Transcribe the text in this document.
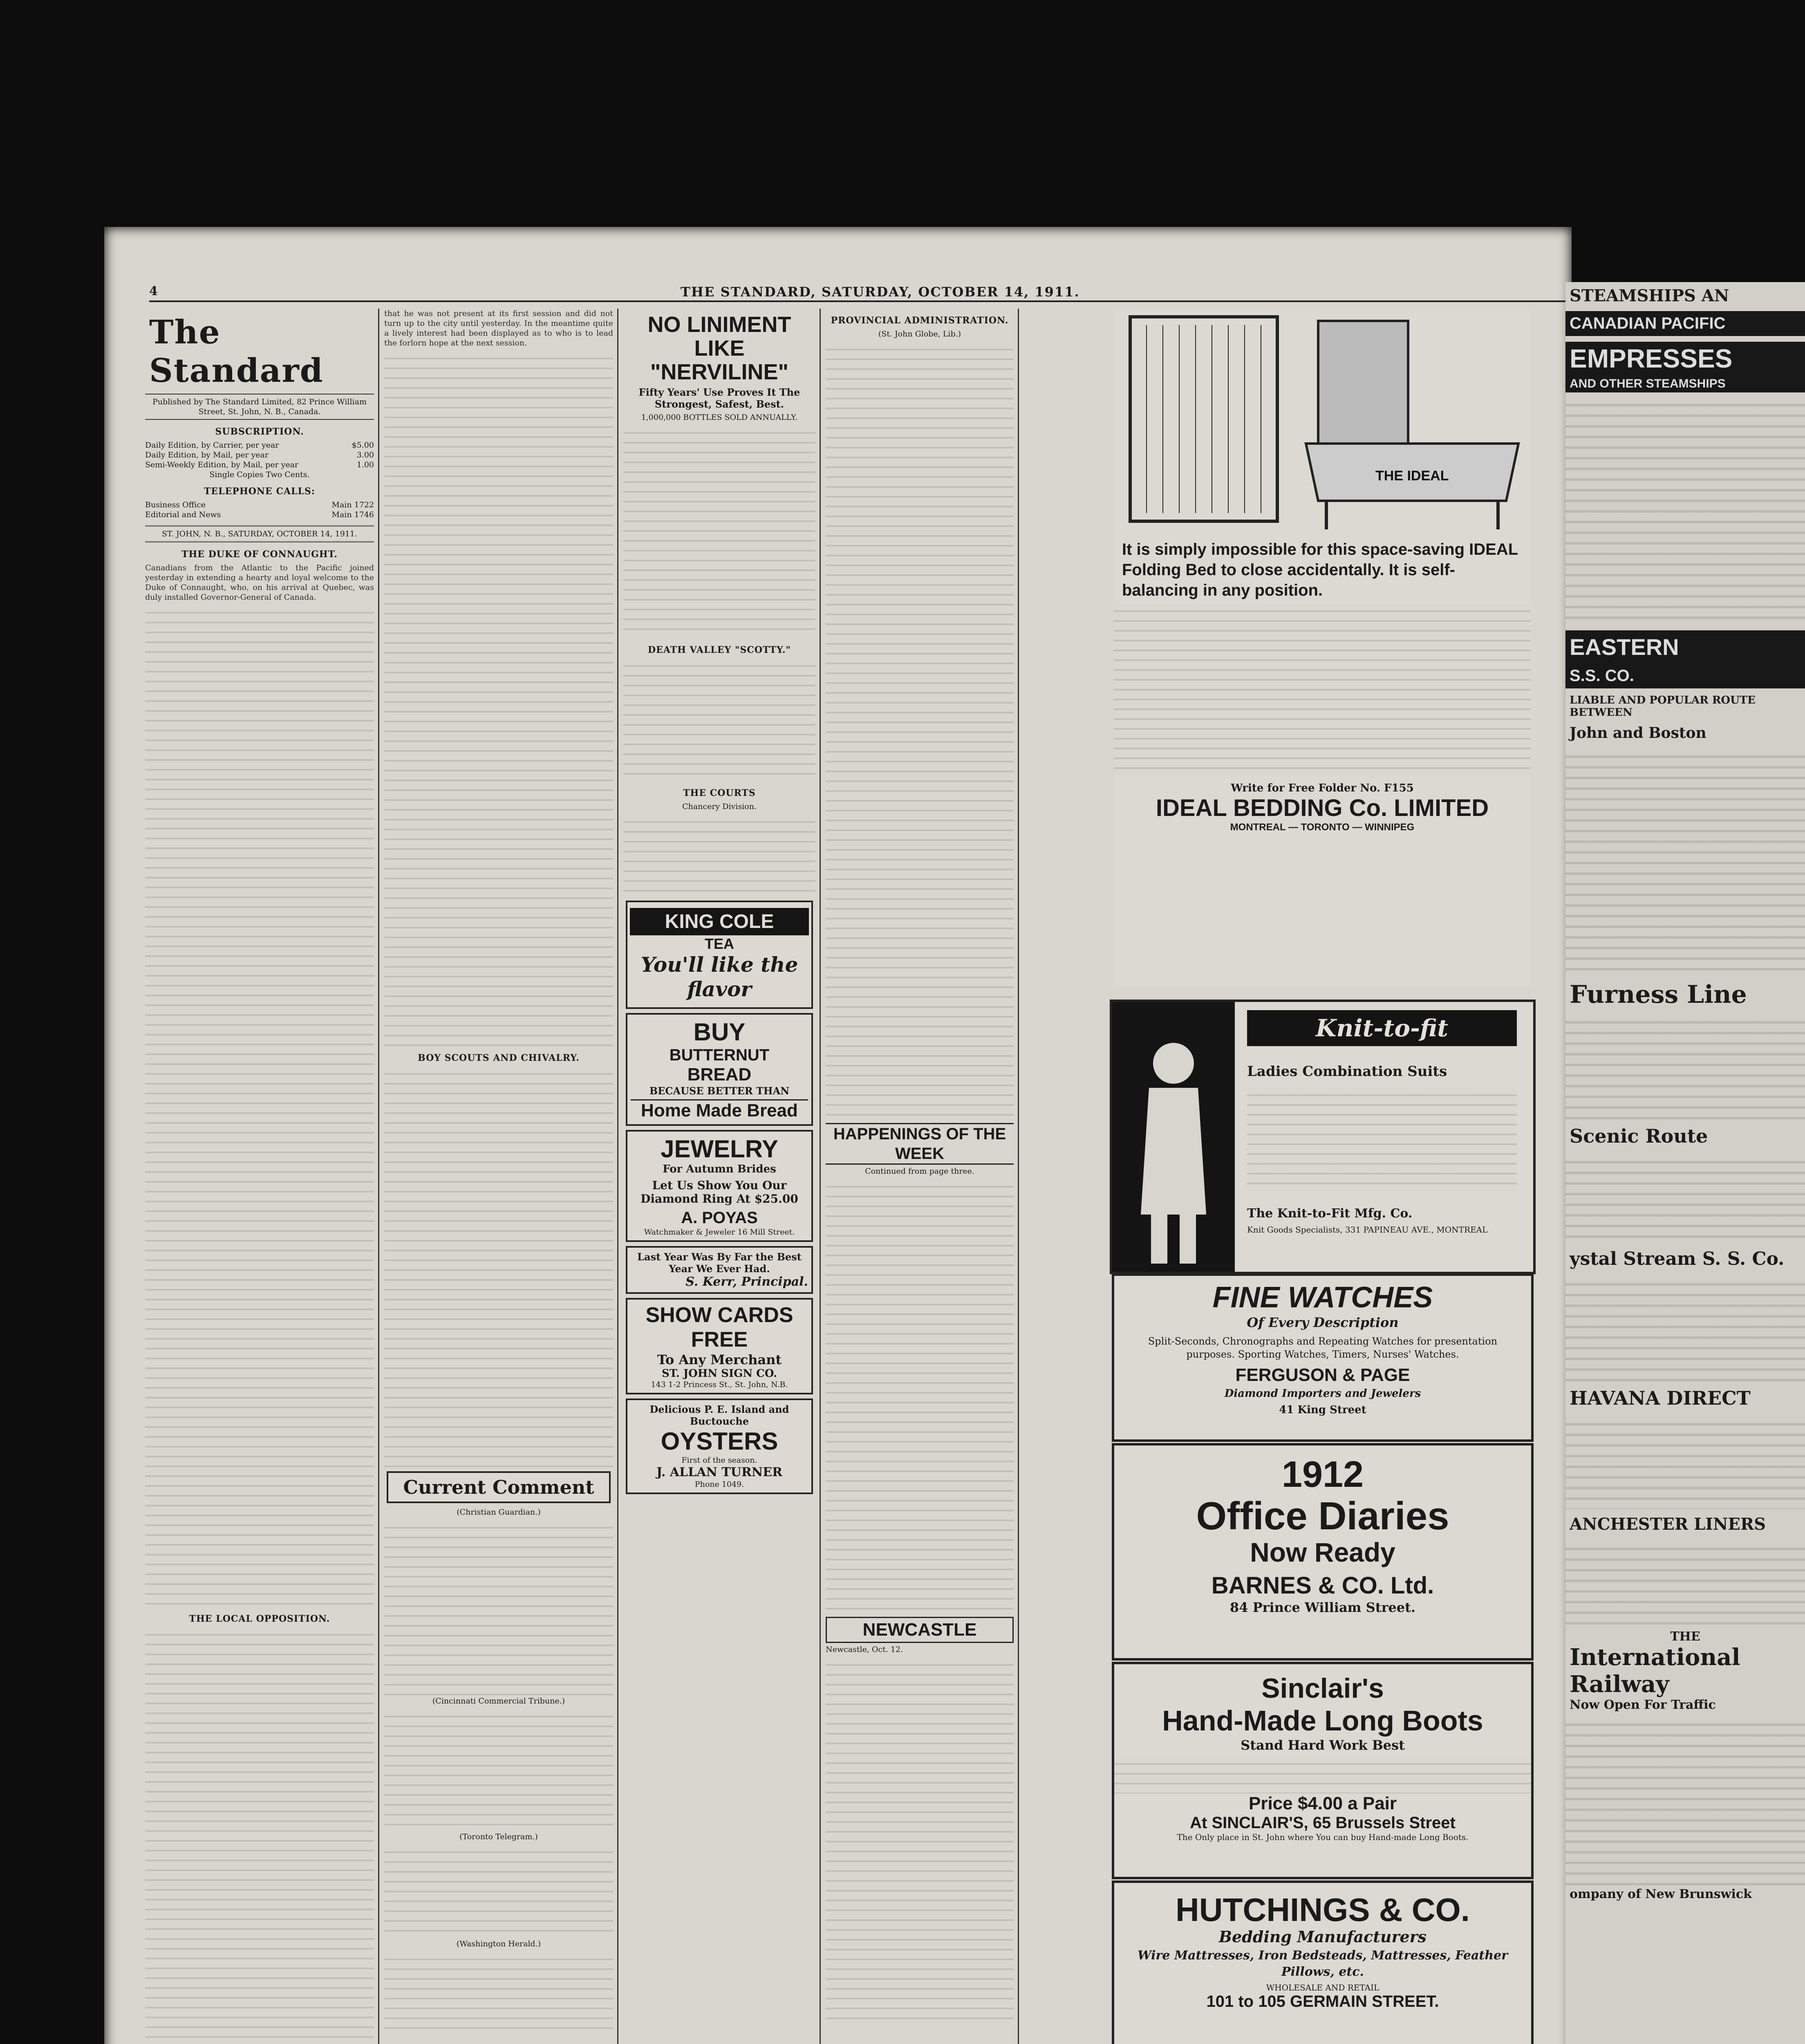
4	THE STANDARD, SATURDAY, OCTOBER 14, 1911.
The Standard
Published by The Standard Limited, 82 Prince William Street, St. John, N. B., Canada.
SUBSCRIPTION.
Daily Edition, by Carrier, per year	$5.00
Daily Edition, by Mail, per year	3.00
Semi-Weekly Edition, by Mail, per year	1.00
Single Copies Two Cents.
TELEPHONE CALLS:
Business Office	Main 1722
Editorial and News	Main 1746
ST. JOHN, N. B., SATURDAY, OCTOBER 14, 1911.
THE DUKE OF CONNAUGHT.
Canadians from the Atlantic to the Pacific joined yesterday in extending a hearty and loyal welcome to the Duke of Connaught, who, on his arrival at Quebec, was duly installed Governor-General of Canada.
THE LOCAL OPPOSITION.
that he was not present at its first session and did not turn up to the city until yesterday. In the meantime quite a lively interest had been displayed as to who is to lead the forlorn hope at the next session.
BOY SCOUTS AND CHIVALRY.
Current Comment
(Christian Guardian.)
(Cincinnati Commercial Tribune.)
(Toronto Telegram.)
(Washington Herald.)
NO LINIMENT LIKE "NERVILINE"
Fifty Years' Use Proves It The Strongest, Safest, Best.
1,000,000 BOTTLES SOLD ANNUALLY.
DEATH VALLEY "SCOTTY."
THE COURTS
Chancery Division.
KING COLE
TEA
You'll like the flavor
BUY
BUTTERNUT
BREAD
BECAUSE BETTER THAN
Home Made Bread
JEWELRY
For Autumn Brides
Let Us Show You Our Diamond Ring At $25.00
A. POYAS
Watchmaker & Jeweler 16 Mill Street.
Last Year Was By Far the Best Year We Ever Had.
S. Kerr, Principal.
SHOW CARDS FREE
To Any Merchant
ST. JOHN SIGN CO.
143 1-2 Princess St., St. John, N.B.
Delicious P. E. Island and Buctouche
OYSTERS
First of the season.
J. ALLAN TURNER
Phone 1049.
PROVINCIAL ADMINISTRATION.
(St. John Globe, Lib.)
HAPPENINGS OF THE WEEK
Continued from page three.
NEWCASTLE
Newcastle, Oct. 12.
THE IDEAL
It is simply impossible for this space-saving IDEAL Folding Bed to close accidentally. It is self-balancing in any position.
Write for Free Folder No. F155
IDEAL BEDDING Co. LIMITED
MONTREAL — TORONTO — WINNIPEG
Knit-to-fit
Ladies Combination Suits
The Knit-to-Fit Mfg. Co.
Knit Goods Specialists, 331 PAPINEAU AVE., MONTREAL
FINE WATCHES
Of Every Description
Split-Seconds, Chronographs and Repeating Watches for presentation purposes. Sporting Watches, Timers, Nurses' Watches.
FERGUSON & PAGE
Diamond Importers and Jewelers
41 King Street
1912
Office Diaries
Now Ready
BARNES & CO. Ltd.
84 Prince William Street.
Sinclair's
Hand-Made Long Boots
Stand Hard Work Best
Price $4.00 a Pair
At SINCLAIR'S, 65 Brussels Street
The Only place in St. John where You can buy Hand-made Long Boots.
HUTCHINGS & CO.
Bedding Manufacturers
Wire Mattresses, Iron Bedsteads, Mattresses, Feather Pillows, etc.
WHOLESALE AND RETAIL
101 to 105 GERMAIN STREET.
STEAMSHIPS AN
CANADIAN PACIFIC
EMPRESSES
AND OTHER STEAMSHIPS
EASTERN
S.S. CO.
LIABLE AND POPULAR ROUTE BETWEEN
John and Boston
Furness Line
Scenic Route
ystal Stream S. S. Co.
HAVANA DIRECT
ANCHESTER LINERS
THE
International
Railway
Now Open For Traffic
ompany of New Brunswick
